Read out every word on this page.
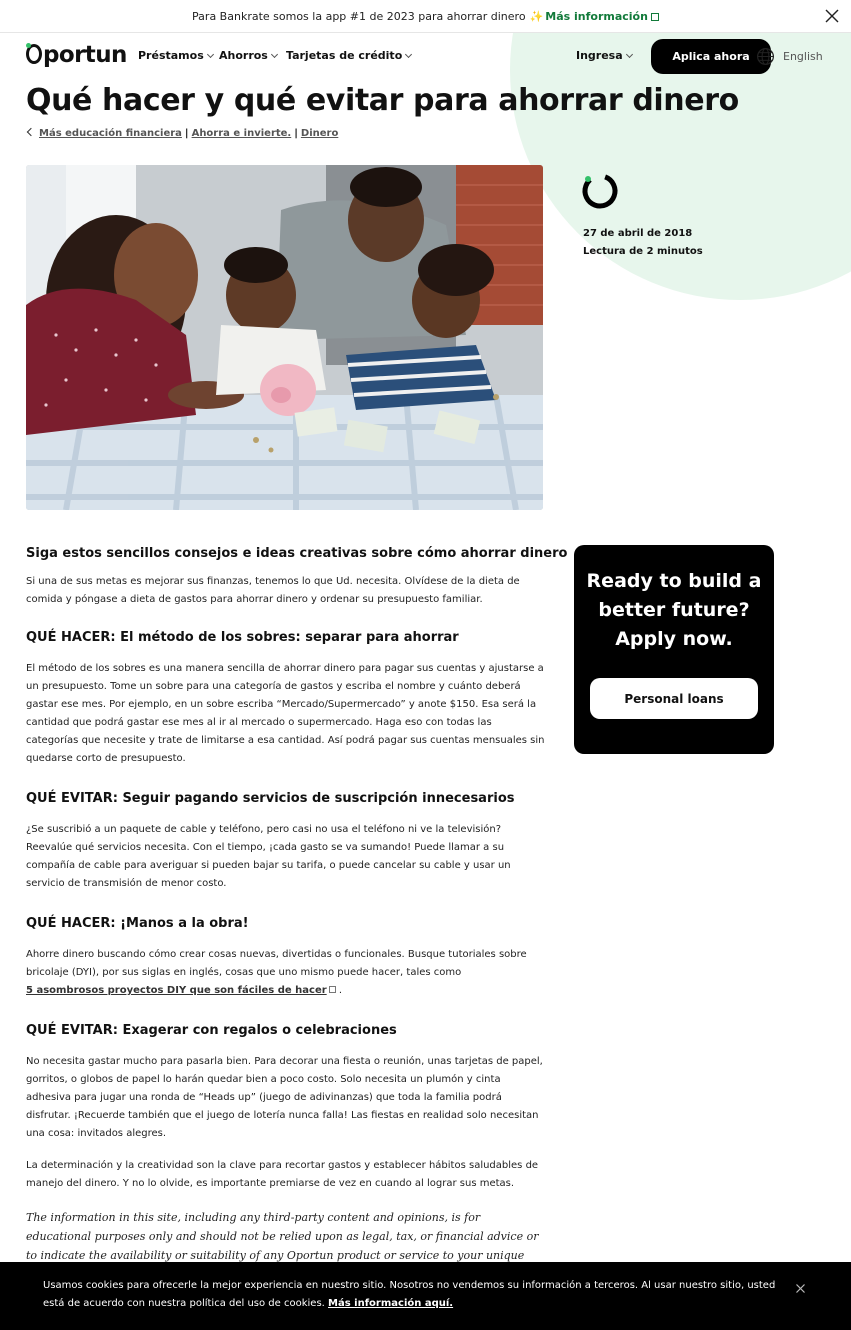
Para Bankrate somos la app #1 de 2023 para ahorrar dinero ✨ Más información
portun Préstamos	Ahorros	Tarjetas de crédito	Ingresa	Aplica ahora	English
Qué hacer y qué evitar para ahorrar dinero
Más educación financiera | Ahorra e invierte. | Dinero
27 de abril de 2018
Lectura de 2 minutos
Siga estos sencillos consejos e ideas creativas sobre cómo ahorrar dinero

Si una de sus metas es mejorar sus finanzas, tenemos lo que Ud. necesita. Olvídese de la dieta de comida y póngase a dieta de gastos para ahorrar dinero y ordenar su presupuesto familiar.

QUÉ HACER: El método de los sobres: separar para ahorrar

El método de los sobres es una manera sencilla de ahorrar dinero para pagar sus cuentas y ajustarse a un presupuesto. Tome un sobre para una categoría de gastos y escriba el nombre y cuánto deberá gastar ese mes. Por ejemplo, en un sobre escriba “Mercado/Supermercado” y anote $150. Esa será la cantidad que podrá gastar ese mes al ir al mercado o supermercado. Haga eso con todas las categorías que necesite y trate de limitarse a esa cantidad. Así podrá pagar sus cuentas mensuales sin quedarse corto de presupuesto.

QUÉ EVITAR: Seguir pagando servicios de suscripción innecesarios

¿Se suscribió a un paquete de cable y teléfono, pero casi no usa el teléfono ni ve la televisión? Reevalúe qué servicios necesita. Con el tiempo, ¡cada gasto se va sumando! Puede llamar a su compañía de cable para averiguar si pueden bajar su tarifa, o puede cancelar su cable y usar un servicio de transmisión de menor costo.

QUÉ HACER: ¡Manos a la obra!

Ahorre dinero buscando cómo crear cosas nuevas, divertidas o funcionales. Busque tutoriales sobre bricolaje (DYI), por sus siglas en inglés, cosas que uno mismo puede hacer, tales como
5 asombrosos proyectos DIY que son fáciles de hacer .

QUÉ EVITAR: Exagerar con regalos o celebraciones

No necesita gastar mucho para pasarla bien. Para decorar una fiesta o reunión, unas tarjetas de papel, gorritos, o globos de papel lo harán quedar bien a poco costo. Solo necesita un plumón y cinta adhesiva para jugar una ronda de “Heads up” (juego de adivinanzas) que toda la familia podrá disfrutar. ¡Recuerde también que el juego de lotería nunca falla! Las fiestas en realidad solo necesitan una cosa: invitados alegres.

La determinación y la creatividad son la clave para recortar gastos y establecer hábitos saludables de manejo del dinero. Y no lo olvide, es importante premiarse de vez en cuando al lograr sus metas.

The information in this site, including any third-party content and opinions, is for educational purposes only and should not be relied upon as legal, tax, or financial advice or to indicate the availability or suitability of any Oportun product or service to your unique

Ready to build a better future? Apply now.
Personal loans
Usamos cookies para ofrecerle la mejor experiencia en nuestro sitio. Nosotros no vendemos su información a terceros. Al usar nuestro sitio, usted está de acuerdo con nuestra política del uso de cookies. Más información aquí.
